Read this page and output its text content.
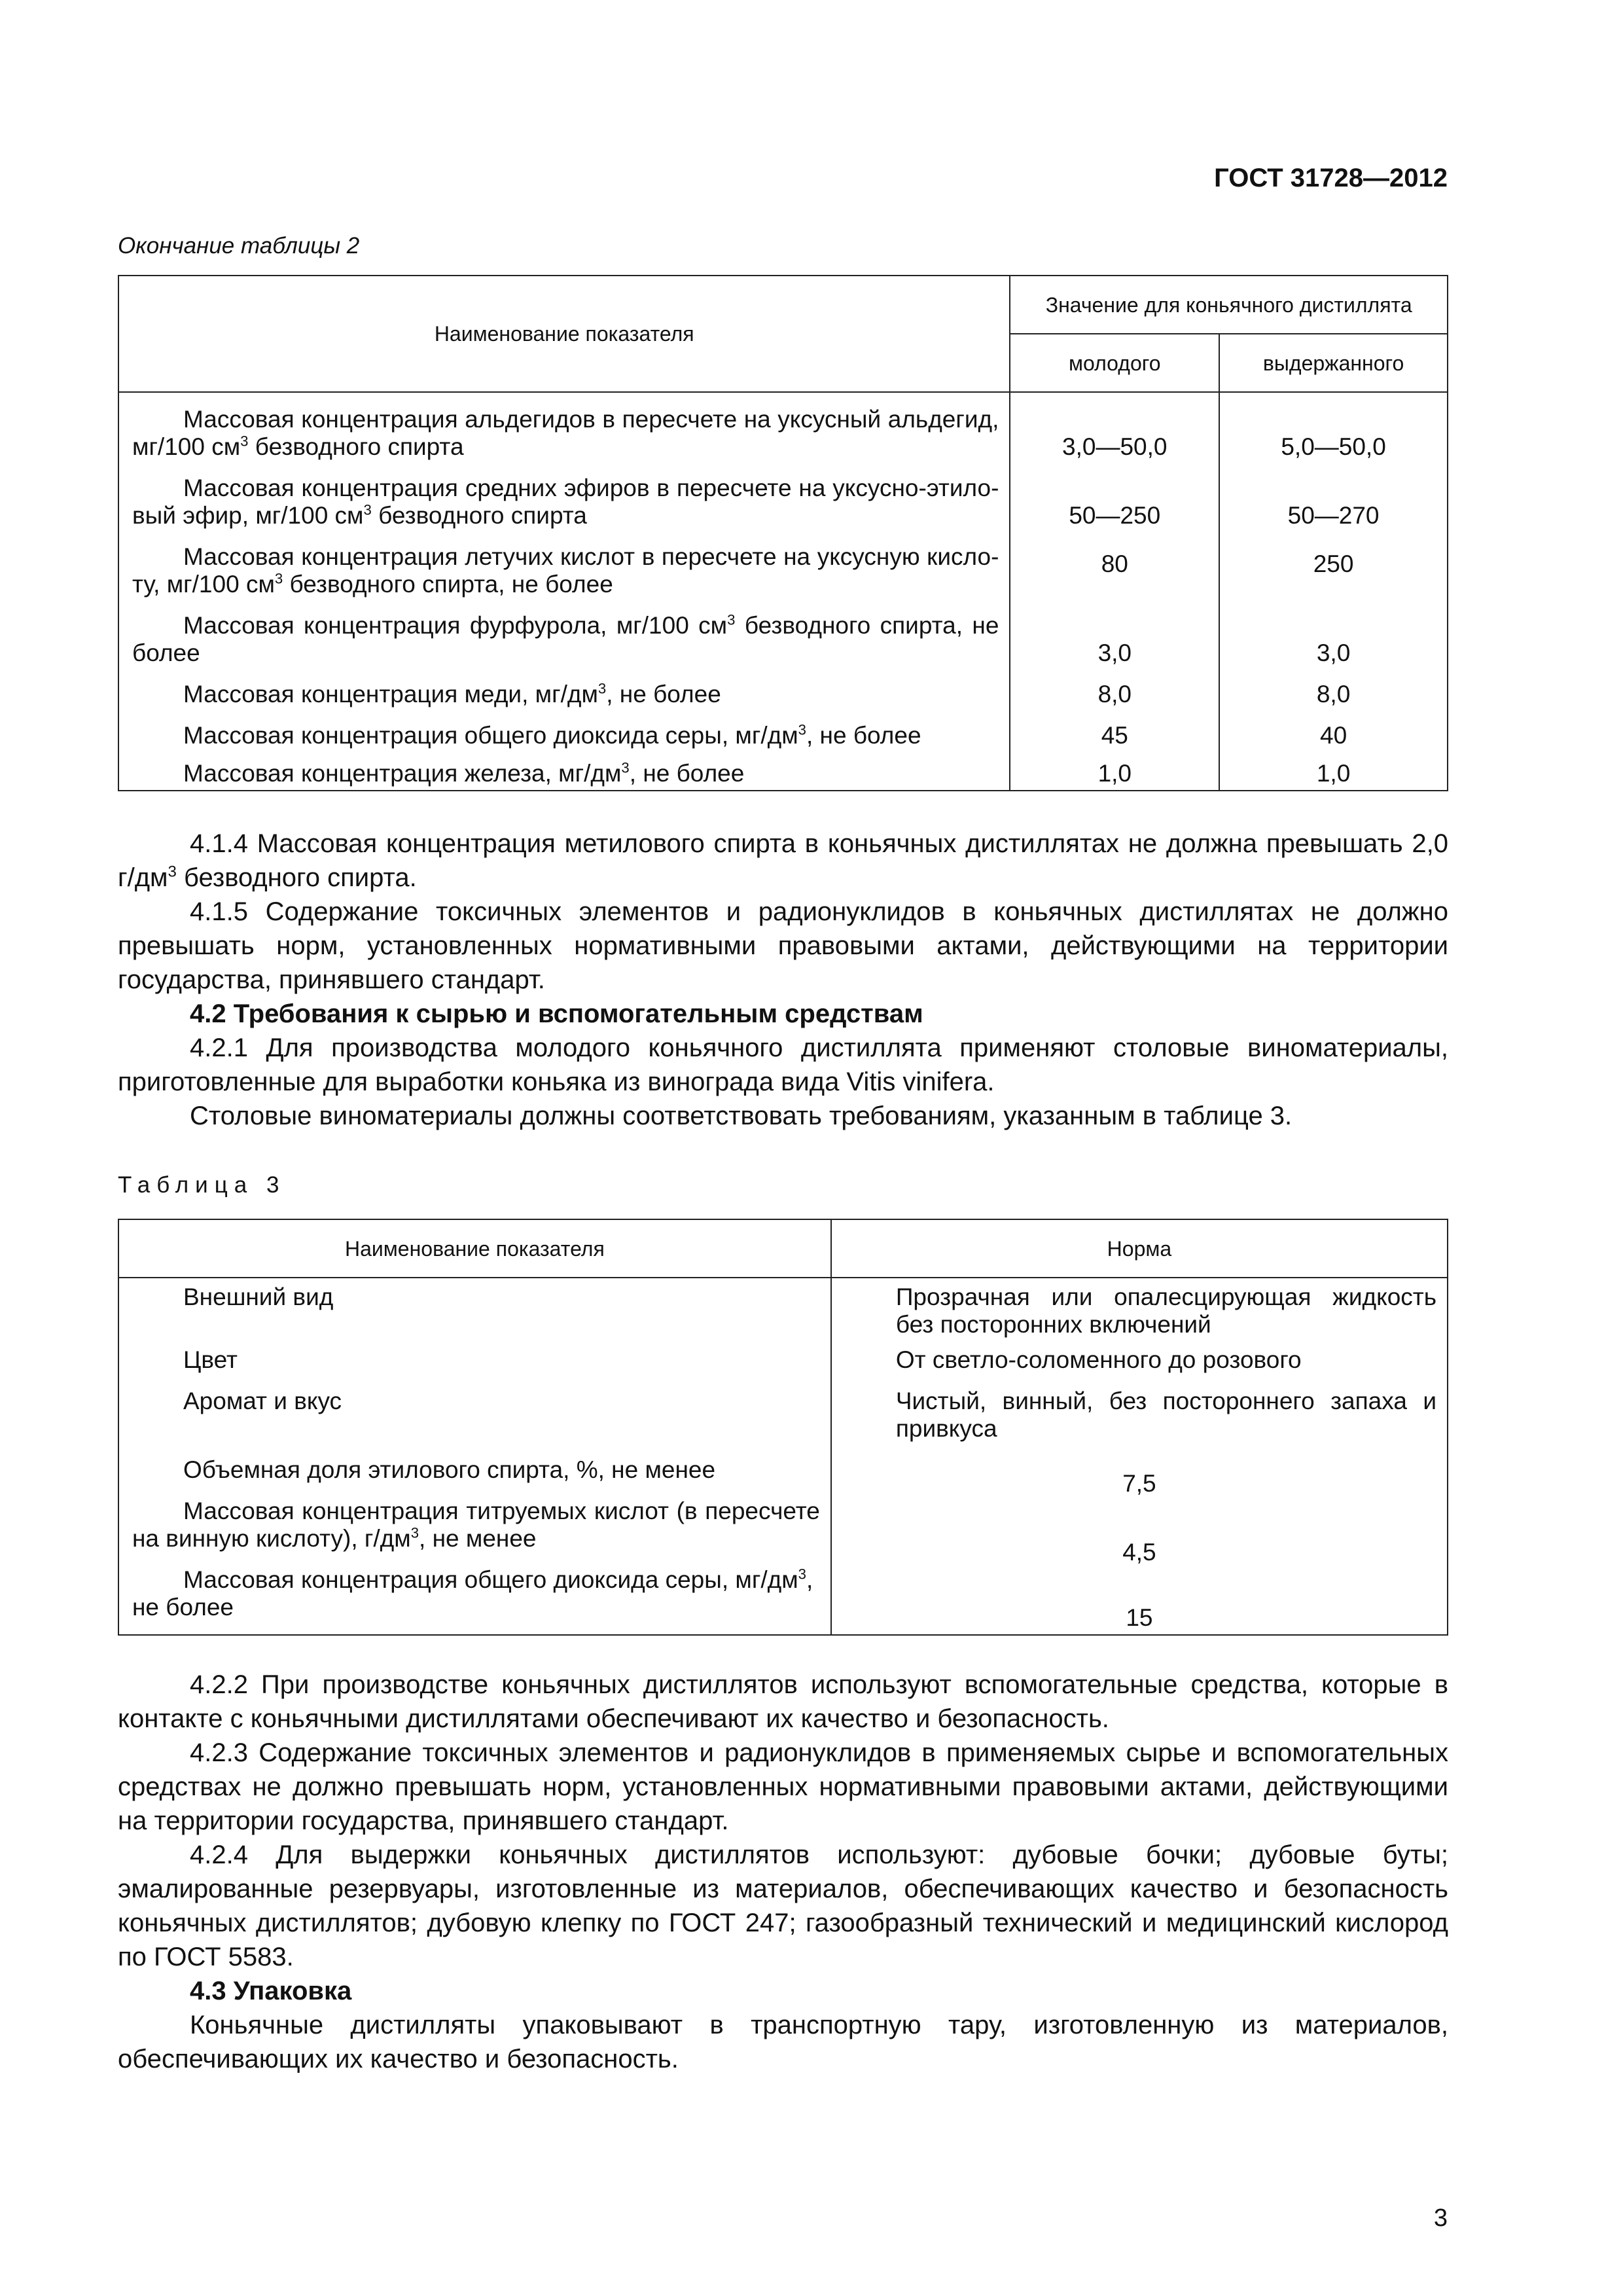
ГОСТ 31728—2012
Окончание таблицы 2
Наименование показателя	Значение для коньячного дистиллята	
	молодого	выдержанного

Массовая концентрация альдегидов в пересчете на уксусный альдегид,
мг/100 $см^3$ безводного спирта	3,0—50,0	5,0—50,0

Массовая концентрация средних эфиров в пересчете на уксусно-этило-
вый эфир, мг/100 $см^3$ безводного спирта	50—250	50—270

Массовая концентрация летучих кислот в пересчете на уксусную кисло-
ту, мг/100 $см^3$ безводного спирта, не более	80	250

Массовая концентрация фурфурола, мг/100 $см^3$ безводного спирта, не
более	3,0	3,0

Массовая концентрация меди, $мг/дм^3$, не более	8,0	8,0

Массовая концентрация общего диоксида серы, $мг/дм^3$, не более	45	40

Массовая концентрация железа, $мг/дм^3$, не более	1,0	1,0

4.1.4 Массовая концентрация метилового спирта в коньячных дистиллятах не должна превышать 2,0 $г/дм^3$ безводного спирта.

4.1.5 Содержание токсичных элементов и радионуклидов в коньячных дистиллятах не должно превышать норм, установленных нормативными правовыми актами, действующими на территории государства, принявшего стандарт.

4.2 Требования к сырью и вспомогательным средствам

4.2.1 Для производства молодого коньячного дистиллята применяют столовые виноматериалы, приготовленные для выработки коньяка из винограда вида Vitis vinifera.

Столовые виноматериалы должны соответствовать требованиям, указанным в таблице 3.

Таблица 3
Наименование показателя	Норма

Внешний вид	Прозрачная или опалесцирующая жидкость без посторонних включений

Цвет	От светло-соломенного до розового

Аромат и вкус	Чистый, винный, без постороннего запаха и привкуса

Объемная доля этилового спирта, %, не менее	7,5

Массовая концентрация титруемых кислот (в пересчете
на винную кислоту), $г/дм^3$, не менее	4,5

Массовая концентрация общего диоксида серы, $мг/дм^3$,
не более	15

4.2.2 При производстве коньячных дистиллятов используют вспомогательные средства, которые в контакте с коньячными дистиллятами обеспечивают их качество и безопасность.

4.2.3 Содержание токсичных элементов и радионуклидов в применяемых сырье и вспомогательных средствах не должно превышать норм, установленных нормативными правовыми актами, действующими на территории государства, принявшего стандарт.

4.2.4 Для выдержки коньячных дистиллятов используют: дубовые бочки; дубовые буты; эмалированные резервуары, изготовленные из материалов, обеспечивающих качество и безопасность коньячных дистиллятов; дубовую клепку по ГОСТ 247; газообразный технический и медицинский кислород по ГОСТ 5583.

4.3 Упаковка

Коньячные дистилляты упаковывают в транспортную тару, изготовленную из материалов, обеспечивающих их качество и безопасность.

3
